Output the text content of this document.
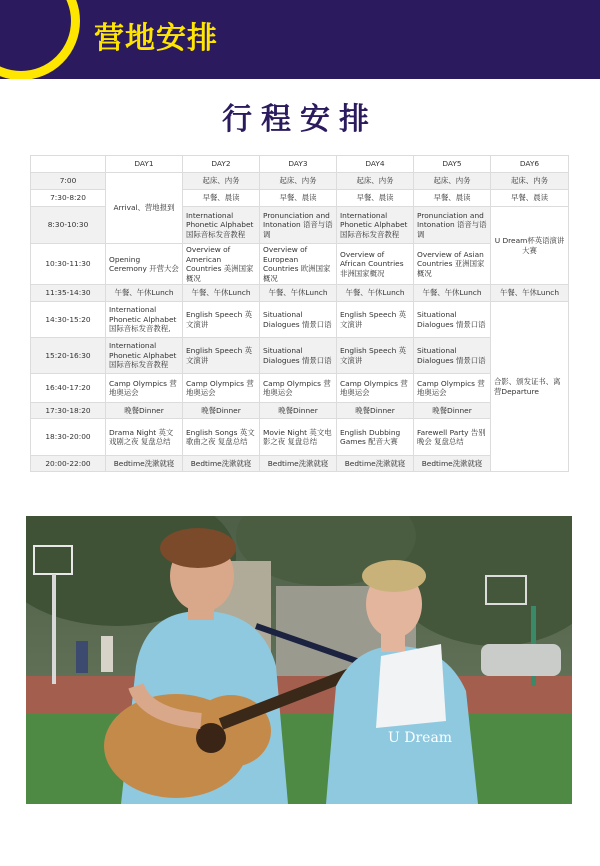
营地安排
行程安排
	DAY1	DAY2	DAY3	DAY4	DAY5	DAY6	
7:00	Arrival、营地报到	起床、内务	起床、内务	起床、内务	起床、内务	起床、内务	
7:30-8:20		早餐、晨读	早餐、晨读	早餐、晨读	早餐、晨读	早餐、晨读	
8:30-10:30		International Phonetic Alphabet 国际音标发音教程	Pronunciation and Intonation 语音与语调	International Phonetic Alphabet 国际音标发音教程	Pronunciation and Intonation 语音与语调	U Dream杯英语演讲大赛	
10:30-11:30	Opening Ceremony 开营大会	Overview of American Countries 美洲国家概况	Overview of European Countries 欧洲国家概况	Overview of African Countries 非洲国家概况	Overview of Asian Countries 亚洲国家概况		
11:35-14:30	午餐、午休Lunch	午餐、午休Lunch	午餐、午休Lunch	午餐、午休Lunch	午餐、午休Lunch	午餐、午休Lunch	
14:30-15:20	International Phonetic Alphabet 国际音标发音教程,	English Speech 英文演讲	Situational Dialogues 情景口语	English Speech 英文演讲	Situational Dialogues 情景口语	合影、颁发证书、离营Departure	
15:20-16:30	International Phonetic Alphabet 国际音标发音教程	English Speech 英文演讲	Situational Dialogues 情景口语	English Speech 英文演讲	Situational Dialogues 情景口语		
16:40-17:20	Camp Olympics 营地奥运会	Camp Olympics 营地奥运会	Camp Olympics 营地奥运会	Camp Olympics 营地奥运会	Camp Olympics 营地奥运会		
17:30-18:20	晚餐Dinner	晚餐Dinner	晚餐Dinner	晚餐Dinner	晚餐Dinner		
18:30-20:00	Drama Night 英文戏剧之夜 复盘总结	English Songs 英文歌曲之夜 复盘总结	Movie Night 英文电影之夜 复盘总结	English Dubbing Games 配音大赛	Farewell Party 告别晚会 复盘总结		
20:00-22:00	Bedtime洗漱就寝	Bedtime洗漱就寝	Bedtime洗漱就寝	Bedtime洗漱就寝	Bedtime洗漱就寝		
U Dream
